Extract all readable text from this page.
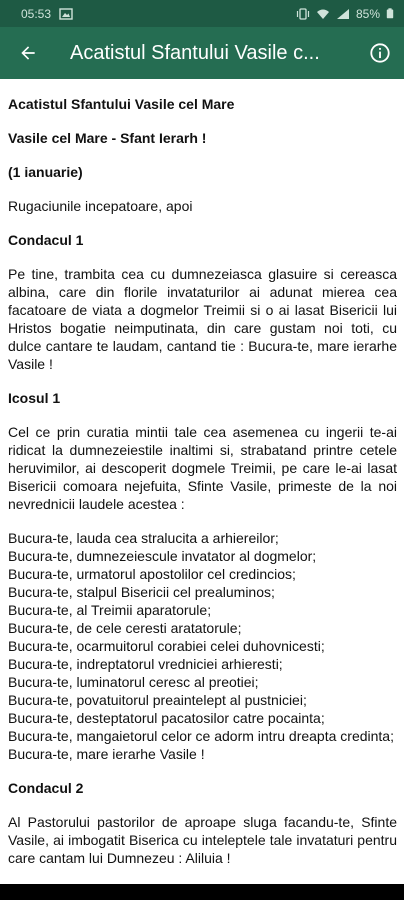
05:53	85%
Acatistul Sfantului Vasile c...

Acatistul Sfantului Vasile cel Mare

Vasile cel Mare - Sfant Ierarh !

(1 ianuarie)

Rugaciunile incepatoare, apoi

Condacul 1

Pe tine, trambita cea cu dumnezeiasca glasuire si cereasca albina, care din florile invataturilor ai adunat mierea cea facatoare de viata a dogmelor Treimii si o ai lasat Bisericii lui Hristos bogatie neimputinata, din care gustam noi toti, cu dulce cantare te laudam, cantand tie : Bucura-te, mare ierarhe Vasile !

Icosul 1

Cel ce prin curatia mintii tale cea asemenea cu ingerii te-ai ridicat la dumnezeiestile inaltimi si, strabatand printre cetele heruvimilor, ai descoperit dogmele Treimii, pe care le-ai lasat Bisericii comoara nejefuita, Sfinte Vasile, primeste de la noi nevrednicii laudele acestea :

Bucura-te, lauda cea stralucita a arhiereilor;

Bucura-te, dumnezeiescule invatator al dogmelor;

Bucura-te, urmatorul apostolilor cel credincios;

Bucura-te, stalpul Bisericii cel prealuminos;

Bucura-te, al Treimii aparatorule;

Bucura-te, de cele ceresti aratatorule;

Bucura-te, ocarmuitorul corabiei celei duhovnicesti;

Bucura-te, indreptatorul vredniciei arhieresti;

Bucura-te, luminatorul ceresc al preotiei;

Bucura-te, povatuitorul preaintelept al pustniciei;

Bucura-te, desteptatorul pacatosilor catre pocainta;

Bucura-te, mangaietorul celor ce adorm intru dreapta credinta;

Bucura-te, mare ierarhe Vasile !

Condacul 2

Al Pastorului pastorilor de aproape sluga facandu-te, Sfinte Vasile, ai imbogatit Biserica cu inteleptele tale invataturi pentru care cantam lui Dumnezeu : Aliluia !
